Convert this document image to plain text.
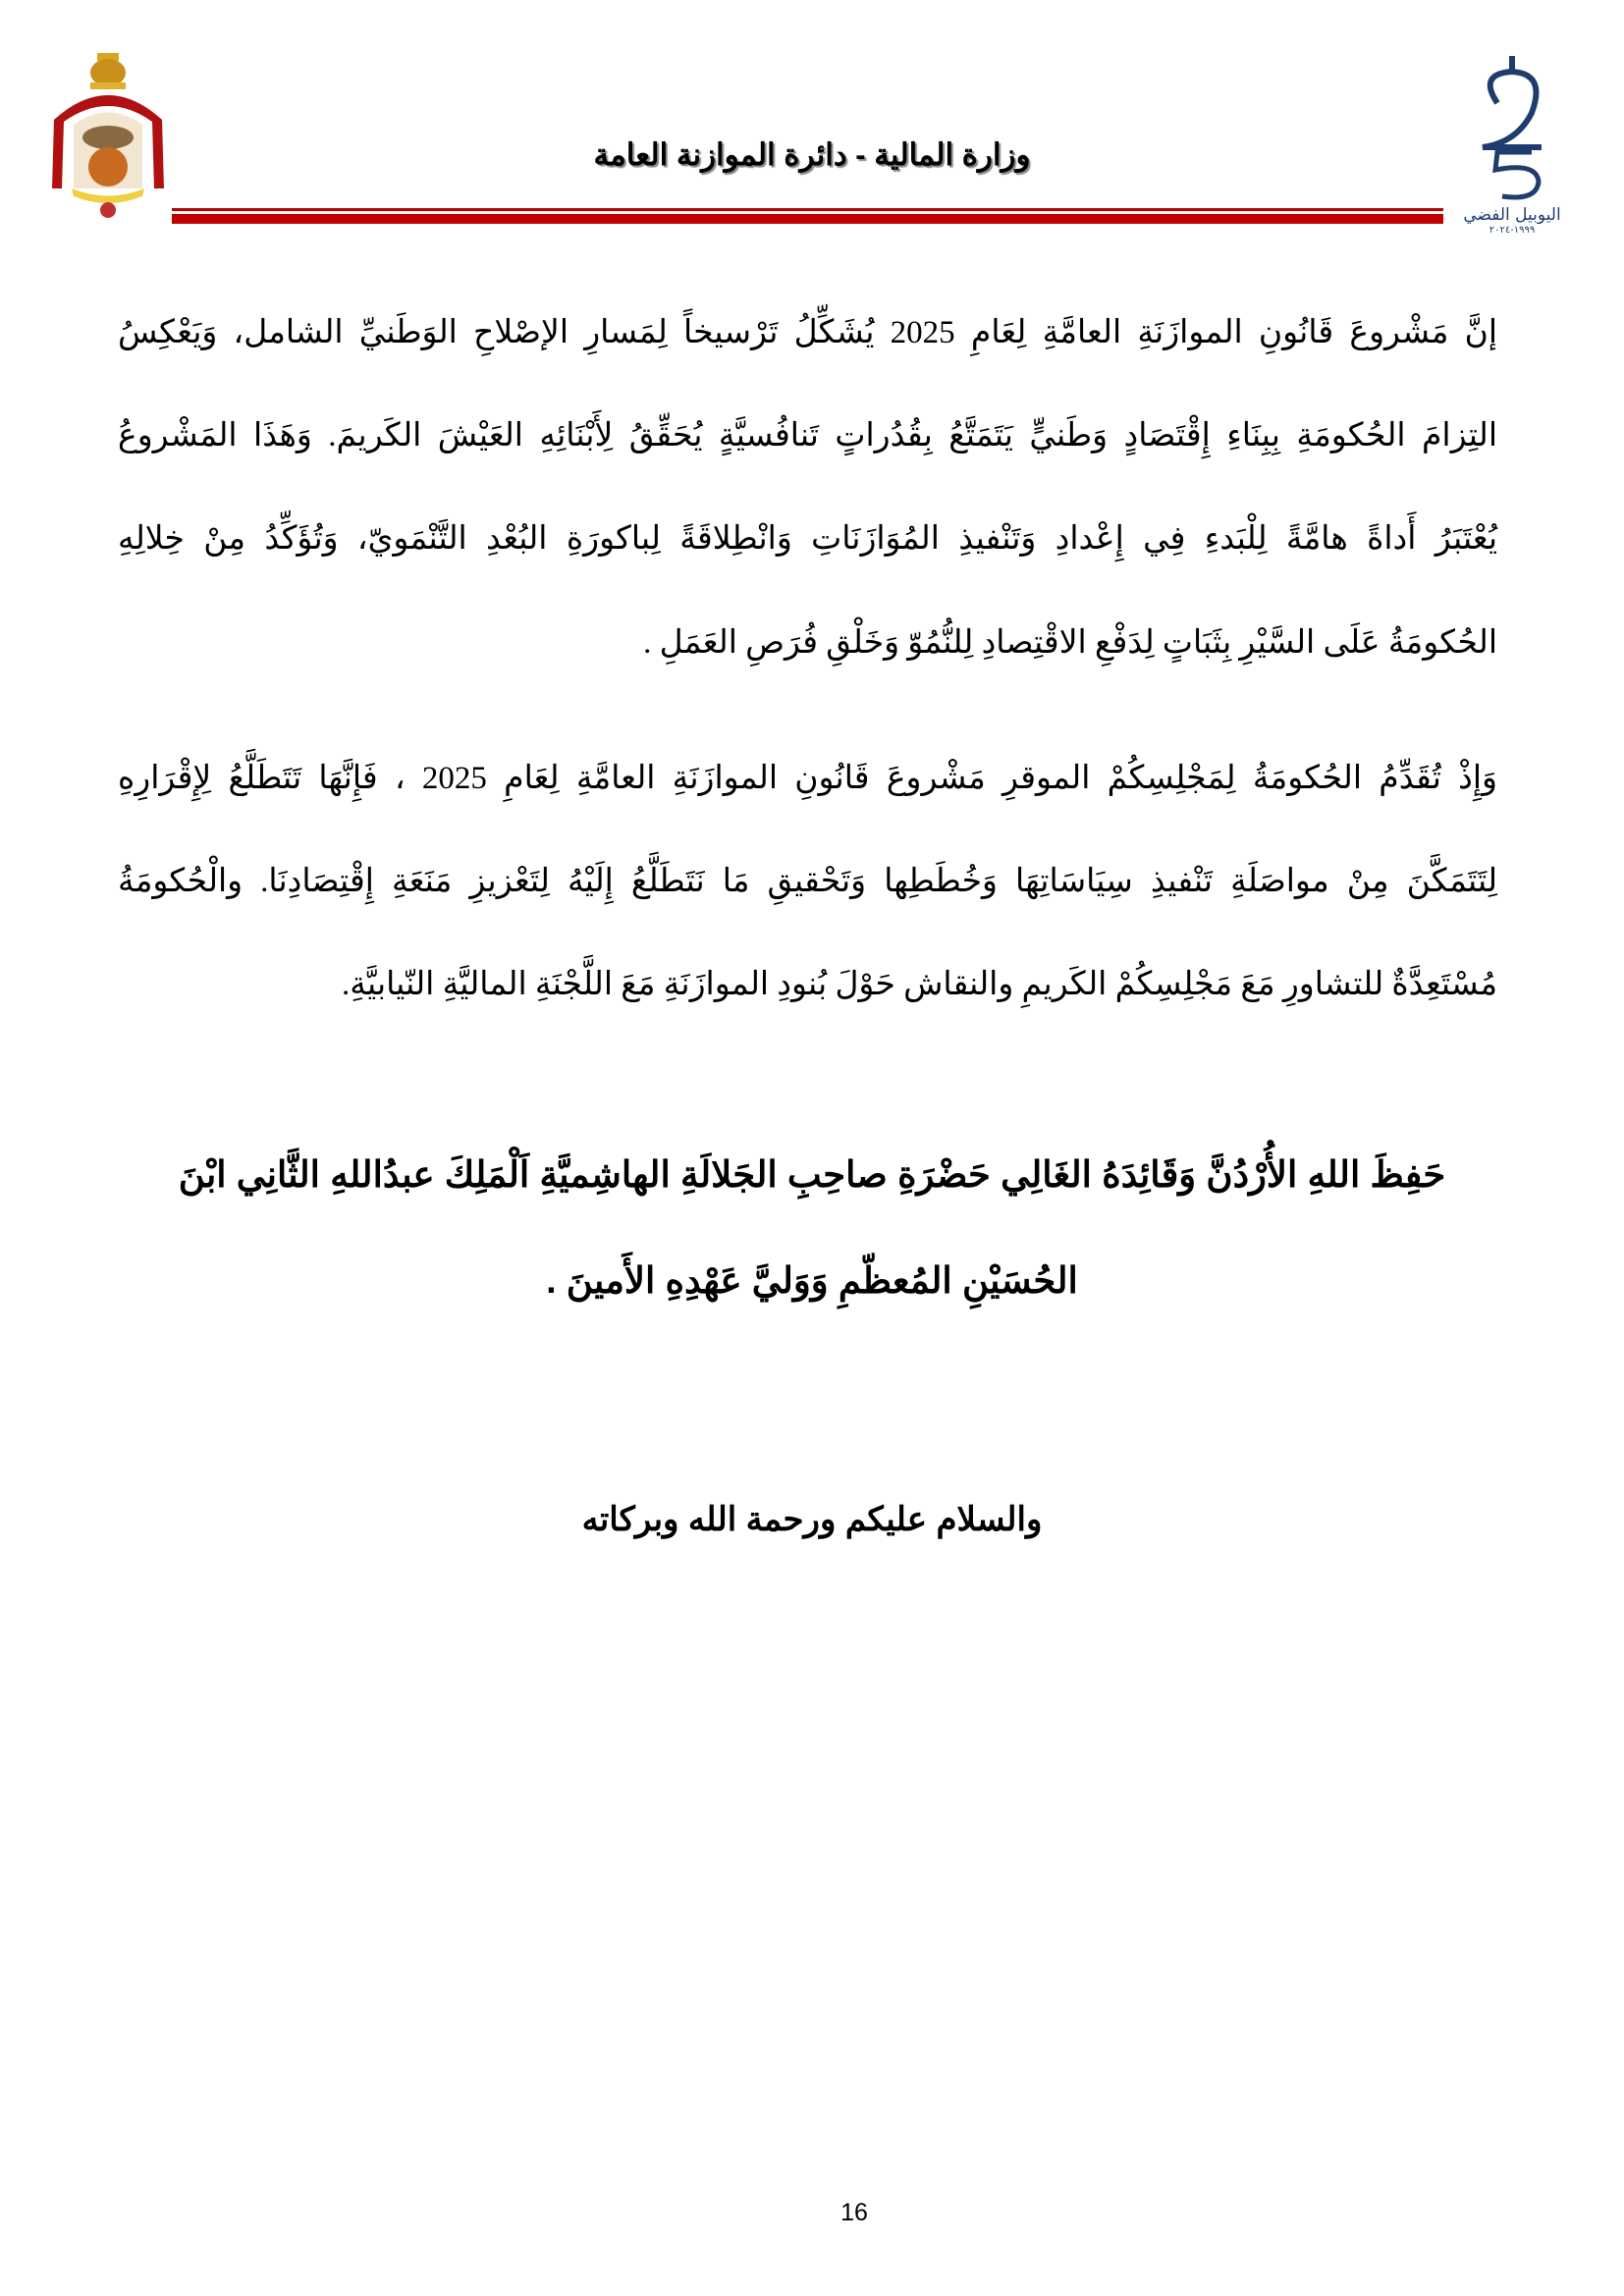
وزارة المالية - دائرة الموازنة العامة
اليوبيل الفضي
١٩٩٩-٢٠٢٤
إنَّ مَشْروعَ قَانُونِ الموازَنَةِ العامَّةِ لِعَامِ 2025 يُشَكِّلُ تَرْسيخاً لِمَسارِ الإصْلاحِ الوَطَنيِّ الشامل، وَيَعْكِسُ
التِزامَ الحُكومَةِ بِبِنَاءِ إِقْتَصَادٍ وَطَنيٍّ يَتَمَتَّعُ بِقُدُراتٍ تَنافُسيَّةٍ يُحَقِّقُ لِأَبْنَائِهِ العَيْشَ الكَريمَ. وَهَذَا المَشْروعُ
يُعْتَبَرُ أَداةً هامَّةً لِلْبَدءِ فِي إِعْدادِ وَتَنْفيذِ المُوَازَنَاتِ وَانْطِلاقَةً لِباكورَةِ البُعْدِ التَّنْمَويّ، وَتُؤَكِّدُ مِنْ خِلالِهِ
الحُكومَةُ عَلَى السَّيْرِ بِثَبَاتٍ لِدَفْعِ الاقْتِصادِ لِلنُّمُوّ وَخَلْقِ فُرَصِ العَمَلِ .
وَإِذْ تُقَدِّمُ الحُكومَةُ لِمَجْلِسِكُمْ الموقرِ مَشْروعَ قَانُونِ الموازَنَةِ العامَّةِ لِعَامِ 2025 ، فَإِنَّهَا تَتَطَلَّعُ لِإِقْرَارِهِ
لِتَتَمَكَّنَ مِنْ مواصَلَةِ تَنْفيذِ سِيَاسَاتِهَا وَخُطَطِها وَتَحْقيقِ مَا نَتَطَلَّعُ إِلَيْهُ لِتَعْزيزِ مَنَعَةِ إِقْتِصَادِنَا. والْحُكومَةُ
مُسْتَعِدَّةٌ للتشاورِ مَعَ مَجْلِسِكُمْ الكَريمِ والنقاش حَوْلَ بُنودِ الموازَنَةِ مَعَ اللَّجْنَةِ الماليَّةِ النّيابيَّةِ.
حَفِظَ اللهِ الأُرْدُنَّ وَقَائِدَهُ الغَالِي حَضْرَةِ صاحِبِ الجَلالَةِ الهاشِميَّةِ اَلْمَلِكَ عبدُاللهِ الثَّانِي ابْنَ
الحُسَيْنِ المُعظّمِ وَوَليَّ عَهْدِهِ الأَمينَ .
والسلام عليكم ورحمة الله وبركاته
16
